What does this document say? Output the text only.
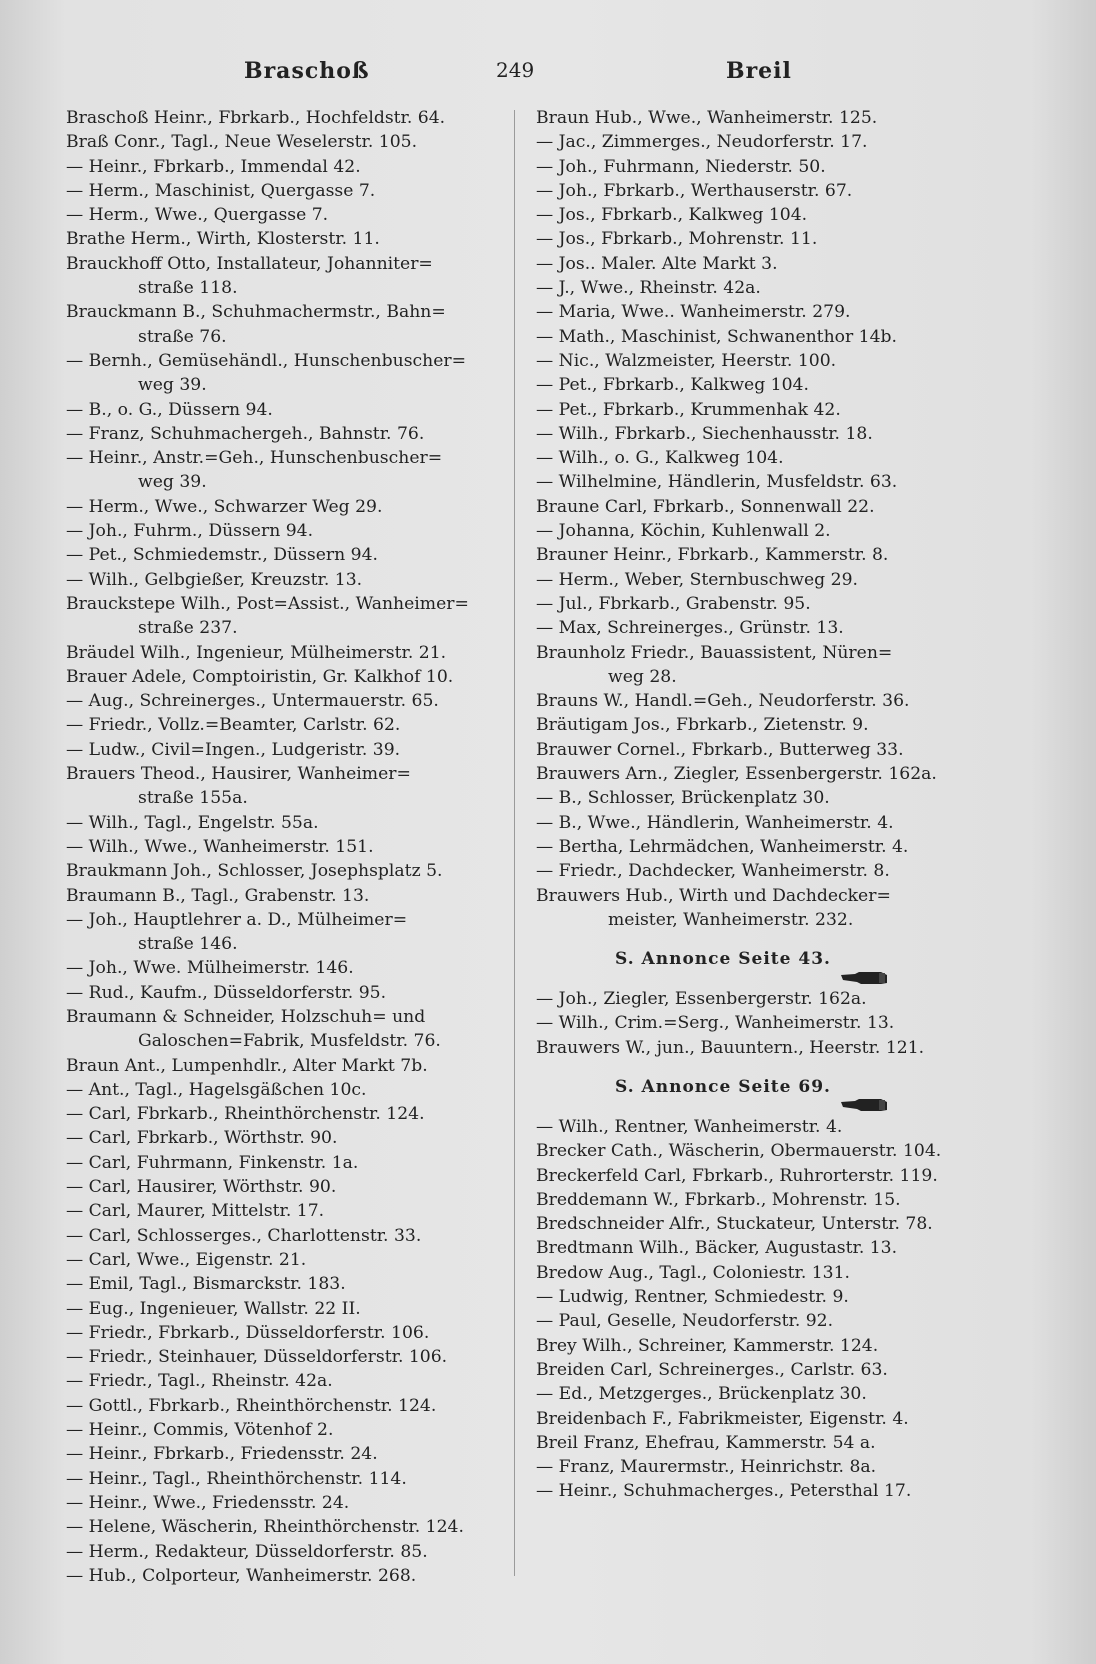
Braschoß	249	Breil
Braschoß Heinr., Fbrkarb., Hochfeldstr. 64.
Braß Conr., Tagl., Neue Weselerstr. 105.
— Heinr., Fbrkarb., Immendal 42.
— Herm., Maschinist, Quergasse 7.
— Herm., Wwe., Quergasse 7.
Brathe Herm., Wirth, Klosterstr. 11.
Brauckhoff Otto, Installateur, Johanniter=
straße 118.
Brauckmann B., Schuhmachermstr., Bahn=
straße 76.
— Bernh., Gemüsehändl., Hunschenbuscher=
weg 39.
— B., o. G., Düssern 94.
— Franz, Schuhmachergeh., Bahnstr. 76.
— Heinr., Anstr.=Geh., Hunschenbuscher=
weg 39.
— Herm., Wwe., Schwarzer Weg 29.
— Joh., Fuhrm., Düssern 94.
— Pet., Schmiedemstr., Düssern 94.
— Wilh., Gelbgießer, Kreuzstr. 13.
Brauckstepe Wilh., Post=Assist., Wanheimer=
straße 237.
Bräudel Wilh., Ingenieur, Mülheimerstr. 21.
Brauer Adele, Comptoiristin, Gr. Kalkhof 10.
— Aug., Schreinerges., Untermauerstr. 65.
— Friedr., Vollz.=Beamter, Carlstr. 62.
— Ludw., Civil=Ingen., Ludgeristr. 39.
Brauers Theod., Hausirer, Wanheimer=
straße 155a.
— Wilh., Tagl., Engelstr. 55a.
— Wilh., Wwe., Wanheimerstr. 151.
Braukmann Joh., Schlosser, Josephsplatz 5.
Braumann B., Tagl., Grabenstr. 13.
— Joh., Hauptlehrer a. D., Mülheimer=
straße 146.
— Joh., Wwe. Mülheimerstr. 146.
— Rud., Kaufm., Düsseldorferstr. 95.
Braumann & Schneider, Holzschuh= und
Galoschen=Fabrik, Musfeldstr. 76.
Braun Ant., Lumpenhdlr., Alter Markt 7b.
— Ant., Tagl., Hagelsgäßchen 10c.
— Carl, Fbrkarb., Rheinthörchenstr. 124.
— Carl, Fbrkarb., Wörthstr. 90.
— Carl, Fuhrmann, Finkenstr. 1a.
— Carl, Hausirer, Wörthstr. 90.
— Carl, Maurer, Mittelstr. 17.
— Carl, Schlosserges., Charlottenstr. 33.
— Carl, Wwe., Eigenstr. 21.
— Emil, Tagl., Bismarckstr. 183.
— Eug., Ingenieuer, Wallstr. 22 II.
— Friedr., Fbrkarb., Düsseldorferstr. 106.
— Friedr., Steinhauer, Düsseldorferstr. 106.
— Friedr., Tagl., Rheinstr. 42a.
— Gottl., Fbrkarb., Rheinthörchenstr. 124.
— Heinr., Commis, Vötenhof 2.
— Heinr., Fbrkarb., Friedensstr. 24.
— Heinr., Tagl., Rheinthörchenstr. 114.
— Heinr., Wwe., Friedensstr. 24.
— Helene, Wäscherin, Rheinthörchenstr. 124.
— Herm., Redakteur, Düsseldorferstr. 85.
— Hub., Colporteur, Wanheimerstr. 268.
Braun Hub., Wwe., Wanheimerstr. 125.
— Jac., Zimmerges., Neudorferstr. 17.
— Joh., Fuhrmann, Niederstr. 50.
— Joh., Fbrkarb., Werthauserstr. 67.
— Jos., Fbrkarb., Kalkweg 104.
— Jos., Fbrkarb., Mohrenstr. 11.
— Jos.. Maler. Alte Markt 3.
— J., Wwe., Rheinstr. 42a.
— Maria, Wwe.. Wanheimerstr. 279.
— Math., Maschinist, Schwanenthor 14b.
— Nic., Walzmeister, Heerstr. 100.
— Pet., Fbrkarb., Kalkweg 104.
— Pet., Fbrkarb., Krummenhak 42.
— Wilh., Fbrkarb., Siechenhausstr. 18.
— Wilh., o. G., Kalkweg 104.
— Wilhelmine, Händlerin, Musfeldstr. 63.
Braune Carl, Fbrkarb., Sonnenwall 22.
— Johanna, Köchin, Kuhlenwall 2.
Brauner Heinr., Fbrkarb., Kammerstr. 8.
— Herm., Weber, Sternbuschweg 29.
— Jul., Fbrkarb., Grabenstr. 95.
— Max, Schreinerges., Grünstr. 13.
Braunholz Friedr., Bauassistent, Nüren=
weg 28.
Brauns W., Handl.=Geh., Neudorferstr. 36.
Bräutigam Jos., Fbrkarb., Zietenstr. 9.
Brauwer Cornel., Fbrkarb., Butterweg 33.
Brauwers Arn., Ziegler, Essenbergerstr. 162a.
— B., Schlosser, Brückenplatz 30.
— B., Wwe., Händlerin, Wanheimerstr. 4.
— Bertha, Lehrmädchen, Wanheimerstr. 4.
— Friedr., Dachdecker, Wanheimerstr. 8.
Brauwers Hub., Wirth und Dachdecker=
meister, Wanheimerstr. 232.
S. Annonce Seite 43.
— Joh., Ziegler, Essenbergerstr. 162a.
— Wilh., Crim.=Serg., Wanheimerstr. 13.
Brauwers W., jun., Bauuntern., Heerstr. 121.
S. Annonce Seite 69.
— Wilh., Rentner, Wanheimerstr. 4.
Brecker Cath., Wäscherin, Obermauerstr. 104.
Breckerfeld Carl, Fbrkarb., Ruhrorterstr. 119.
Breddemann W., Fbrkarb., Mohrenstr. 15.
Bredschneider Alfr., Stuckateur, Unterstr. 78.
Bredtmann Wilh., Bäcker, Augustastr. 13.
Bredow Aug., Tagl., Coloniestr. 131.
— Ludwig, Rentner, Schmiedestr. 9.
— Paul, Geselle, Neudorferstr. 92.
Brey Wilh., Schreiner, Kammerstr. 124.
Breiden Carl, Schreinerges., Carlstr. 63.
— Ed., Metzgerges., Brückenplatz 30.
Breidenbach F., Fabrikmeister, Eigenstr. 4.
Breil Franz, Ehefrau, Kammerstr. 54 a.
— Franz, Maurermstr., Heinrichstr. 8a.
— Heinr., Schuhmacherges., Petersthal 17.
